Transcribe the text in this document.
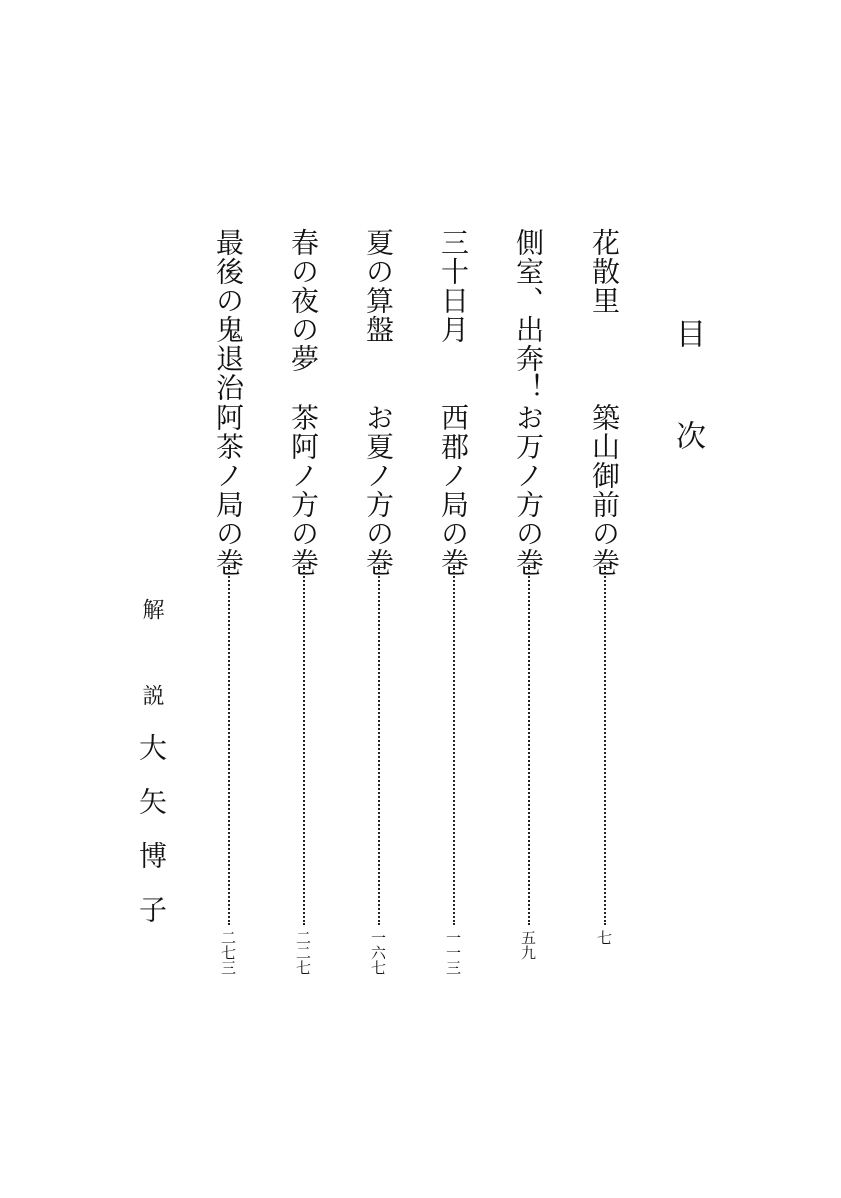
目次
花散里
築山御前の巻
七
側室、出奔！
お万ノ方の巻
五九
三十日月
西郡ノ局の巻
一一三
夏の算盤
お夏ノ方の巻
一六七
春の夜の夢
茶阿ノ方の巻
二二七
最後の鬼退治
阿茶ノ局の巻
二七三
解説
大矢博子
